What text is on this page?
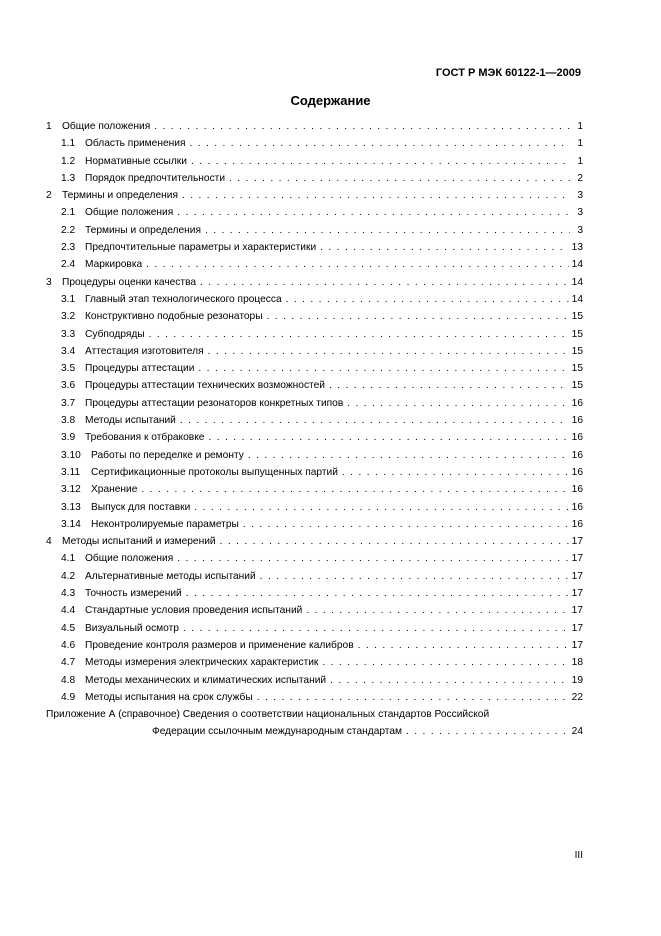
ГОСТ Р МЭК 60122-1—2009
Содержание
1	Общие положения . . .	1
1.1 Область применения . . .	1
1.2 Нормативные ссылки . . .	1
1.3 Порядок предпочтительности . . .	2
2	Термины и определения . . .	3
2.1 Общие положения . . .	3
2.2 Термины и определения . . .	3
2.3 Предпочтительные параметры и характеристики . . .	13
2.4 Маркировка . . .	14
3	Процедуры оценки качества . . .	14
3.1 Главный этап технологического процесса . . .	14
3.2 Конструктивно подобные резонаторы . . .	15
3.3 Субподряды . . .	15
3.4 Аттестация изготовителя . . .	15
3.5 Процедуры аттестации . . .	15
3.6 Процедуры аттестации технических возможностей . . .	15
3.7 Процедуры аттестации резонаторов конкретных типов . . .	16
3.8 Методы испытаний . . .	16
3.9 Требования к отбраковке . . .	16
3.10 Работы по переделке и ремонту . . .	16
3.11	Сертификационные протоколы выпущенных партий . . .	16
3.12 Хранение . . .	16
3.13 Выпуск для поставки . . .	16
3.14 Неконтролируемые параметры . . .	16
4	Методы испытаний и измерений . . .	17
4.1 Общие положения . . .	17
4.2 Альтернативные методы испытаний . . .	17
4.3 Точность измерений . . .	17
4.4 Стандартные условия проведения испытаний . . .	17
4.5 Визуальный осмотр . . .	17
4.6 Проведение контроля размеров и применение калибров . . .	17
4.7 Методы измерения электрических характеристик . . .	18
4.8 Методы механических и климатических испытаний . . .	19
4.9 Методы испытания на срок службы . . .	22
Приложение А (справочное) Сведения о соответствии национальных стандартов Российской
Федерации ссылочным международным стандартам . . .	24
III
